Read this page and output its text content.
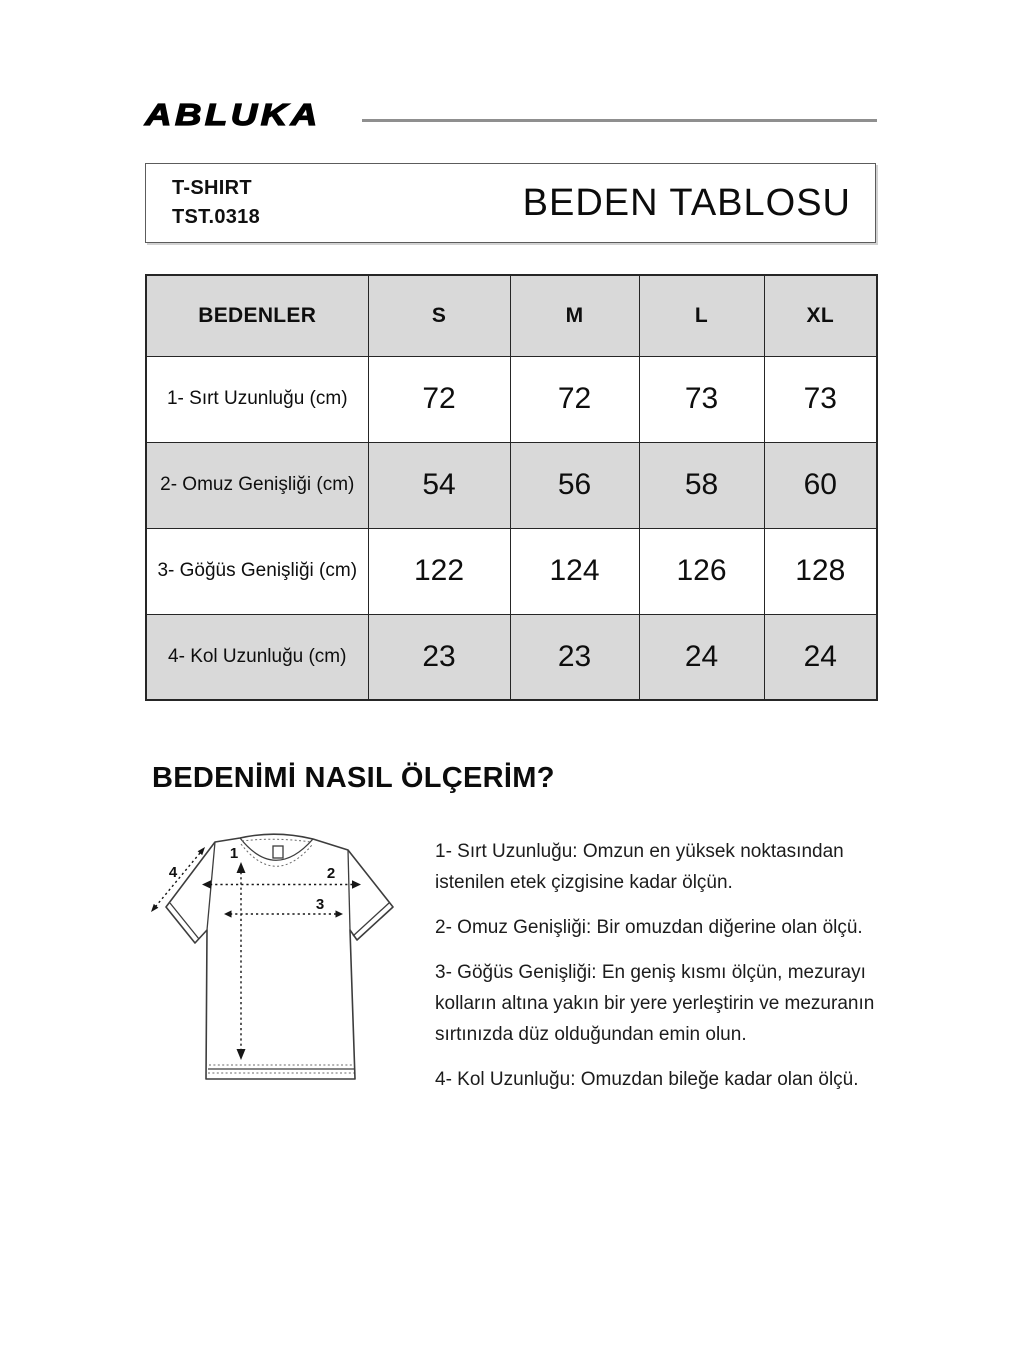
ABLUKA
T-SHIRT
TST.0318	BEDEN TABLOSU
BEDENLER	S	M	L	XL
1- Sırt Uzunluğu (cm)	72	72	73	73
2- Omuz Genişliği (cm)	54	56	58	60
3- Göğüs Genişliği (cm)	122	124	126	128
4- Kol Uzunluğu (cm)	23	23	24	24
BEDENİMİ NASIL ÖLÇERİM?
1
2
3
4

1- Sırt Uzunluğu: Omzun en yüksek noktasından istenilen etek çizgisine kadar ölçün.

2- Omuz Genişliği: Bir omuzdan diğerine olan ölçü.

3- Göğüs Genişliği: En geniş kısmı ölçün, mezurayı kolların altına yakın bir yere yerleştirin ve mezuranın sırtınızda düz olduğundan emin olun.

4- Kol Uzunluğu: Omuzdan bileğe kadar olan ölçü.
